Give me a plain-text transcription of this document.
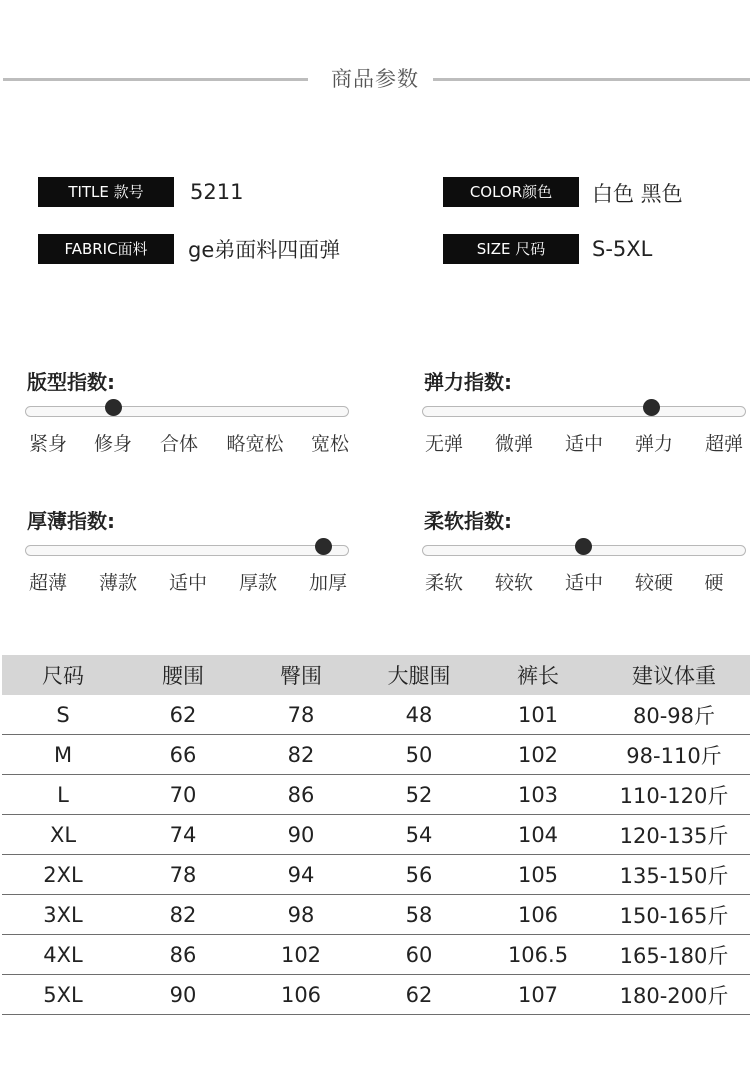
商品参数
TITLE 款号	5211	COLOR颜色	白色 黑色
FABRIC面料	ge弟面料四面弹	SIZE 尺码	S-5XL
版型指数:
紧身	修身	合体	略宽松	宽松
弹力指数:
无弹	微弹	适中	弹力	超弹
厚薄指数:
超薄	薄款	适中	厚款	加厚
柔软指数:
柔软	较软	适中	较硬	硬
尺码	腰围	臀围	大腿围	裤长	建议体重
S	62	78	48	101	80-98斤
M	66	82	50	102	98-110斤
L	70	86	52	103	110-120斤
XL	74	90	54	104	120-135斤
2XL	78	94	56	105	135-150斤
3XL	82	98	58	106	150-165斤
4XL	86	102	60	106.5	165-180斤
5XL	90	106	62	107	180-200斤
